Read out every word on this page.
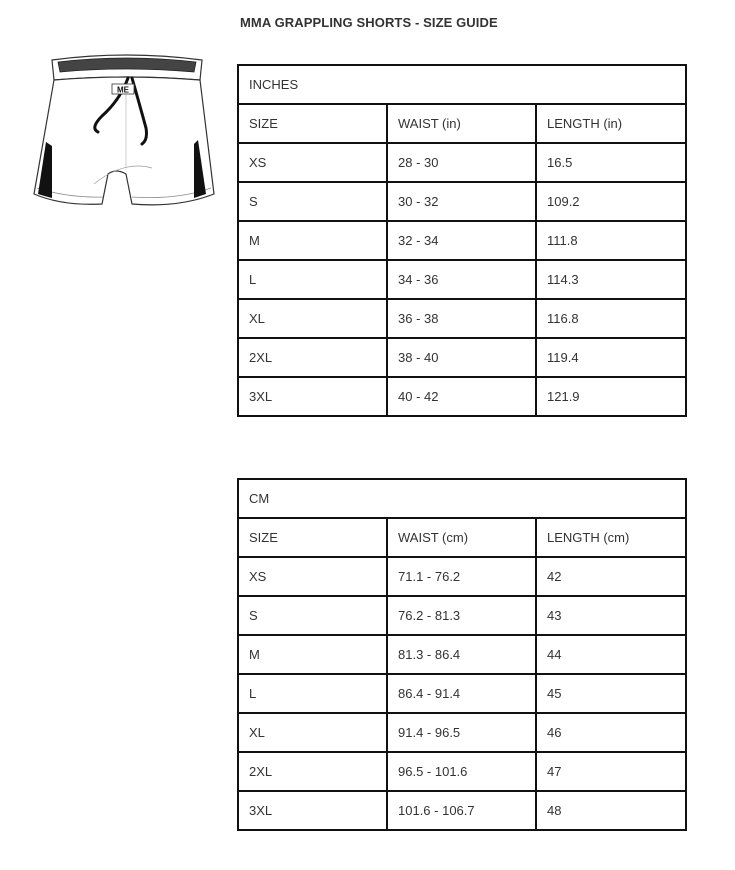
MMA GRAPPLING SHORTS - SIZE GUIDE
ME	INCHES		
SIZE	WAIST (in)	LENGTH (in)
XS	28 - 30	16.5
S	30 - 32	109.2
M	32 - 34	111.8
L	34 - 36	114.3
XL	36 - 38	116.8
2XL	38 - 40	119.4
3XL	40 - 42	121.9
CM		
SIZE	WAIST (cm)	LENGTH (cm)
XS	71.1 - 76.2	42
S	76.2 - 81.3	43
M	81.3 - 86.4	44
L	86.4 - 91.4	45
XL	91.4 - 96.5	46
2XL	96.5 - 101.6	47
3XL	101.6 - 106.7	48
